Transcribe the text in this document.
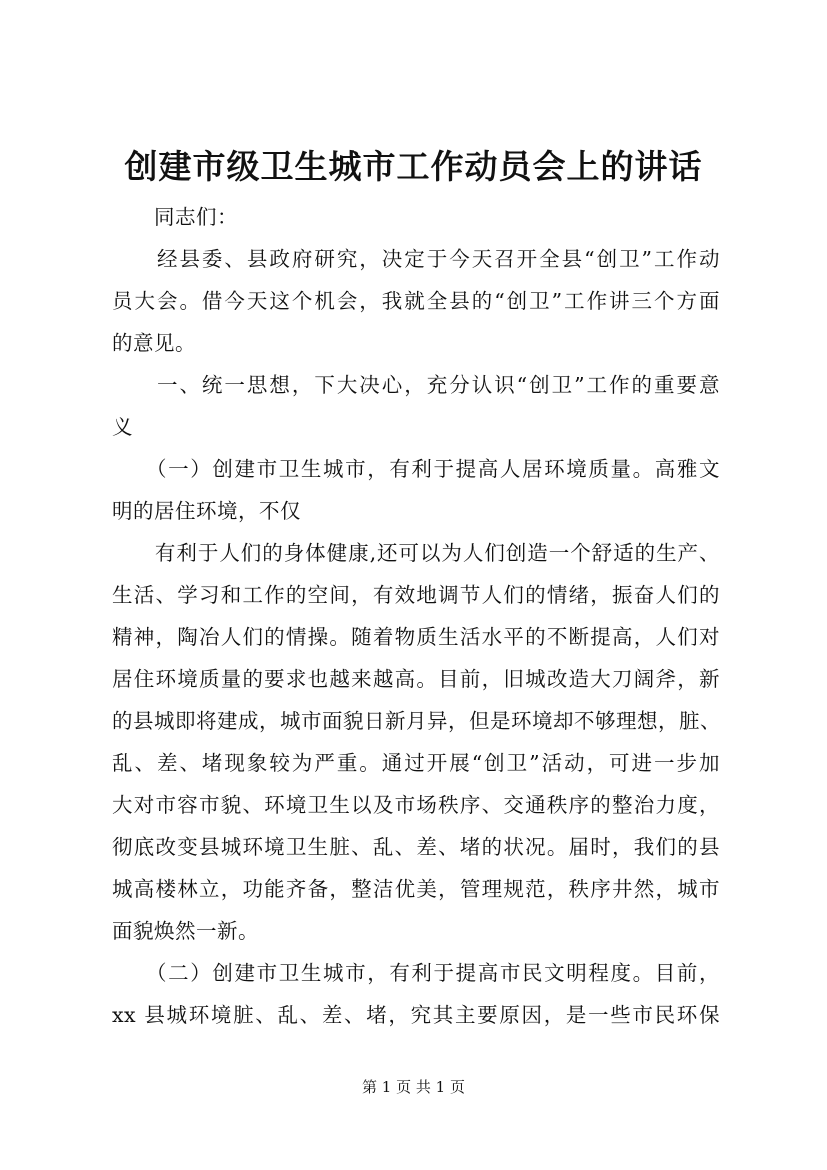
创建市级卫生城市工作动员会上的讲话
　　同志们：
　　经县委、县政府研究，决定于今天召开全县“创卫”工作动
员大会。借今天这个机会，我就全县的“创卫”工作讲三个方面
的意见。
　　一、统一思想，下大决心，充分认识“创卫”工作的重要意
义
　　（一）创建市卫生城市，有利于提高人居环境质量。高雅文
明的居住环境，不仅
　　有利于人们的身体健康,还可以为人们创造一个舒适的生产、
生活、学习和工作的空间，有效地调节人们的情绪，振奋人们的
精神，陶冶人们的情操。随着物质生活水平的不断提高，人们对
居住环境质量的要求也越来越高。目前，旧城改造大刀阔斧，新
的县城即将建成，城市面貌日新月异，但是环境却不够理想，脏、
乱、差、堵现象较为严重。通过开展“创卫”活动，可进一步加
大对市容市貌、环境卫生以及市场秩序、交通秩序的整治力度，
彻底改变县城环境卫生脏、乱、差、堵的状况。届时，我们的县
城高楼林立，功能齐备，整洁优美，管理规范，秩序井然，城市
面貌焕然一新。
　　（二）创建市卫生城市，有利于提高市民文明程度。目前，
xx 县城环境脏、乱、差、堵，究其主要原因，是一些市民环保
第 1 页 共 1 页
